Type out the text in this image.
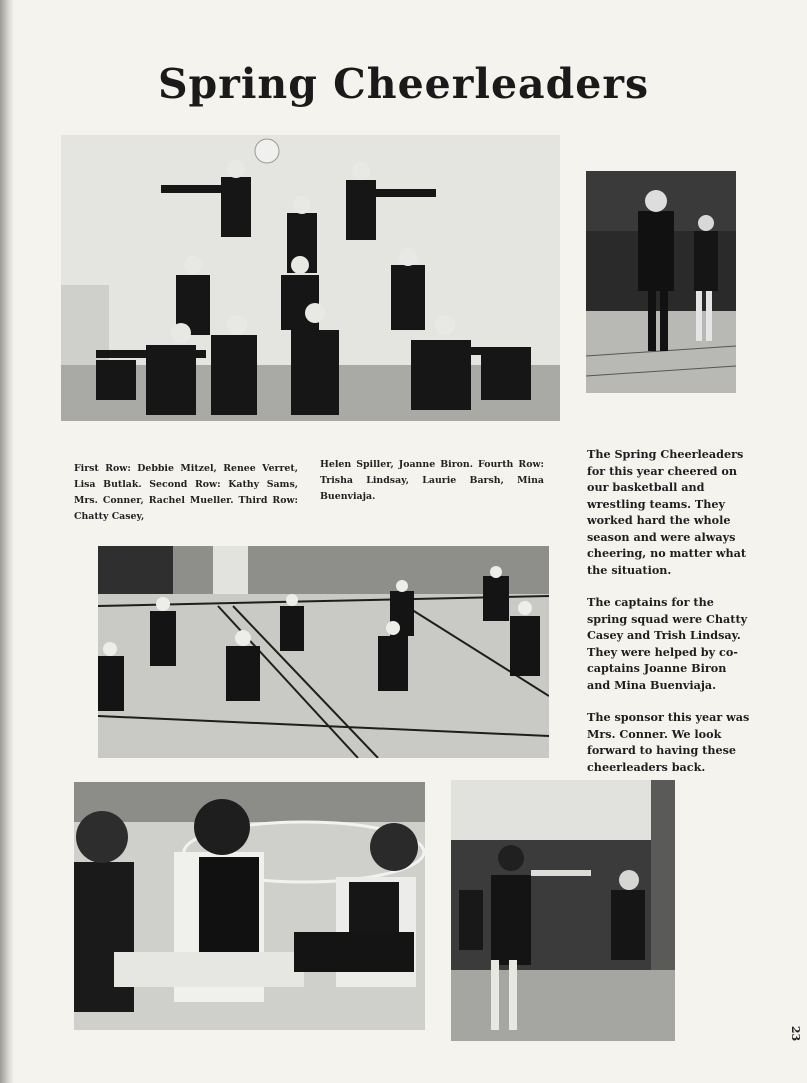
Spring Cheerleaders
First Row: Debbie Mitzel, Renee Verret, Lisa Butlak. Second Row: Kathy Sams, Mrs. Conner, Rachel Mueller. Third Row: Chatty Casey,
Helen Spiller, Joanne Biron. Fourth Row: Trisha Lindsay, Laurie Barsh, Mina Buenviaja.

The Spring Cheerleaders for this year cheered on our basketball and wrestling teams. They worked hard the whole season and were always cheering, no matter what the situation.

The captains for the spring squad were Chatty Casey and Trish Lindsay. They were helped by co-captains Joanne Biron and Mina Buenviaja.

The sponsor this year was Mrs. Conner. We look forward to having these cheerleaders back.

23
